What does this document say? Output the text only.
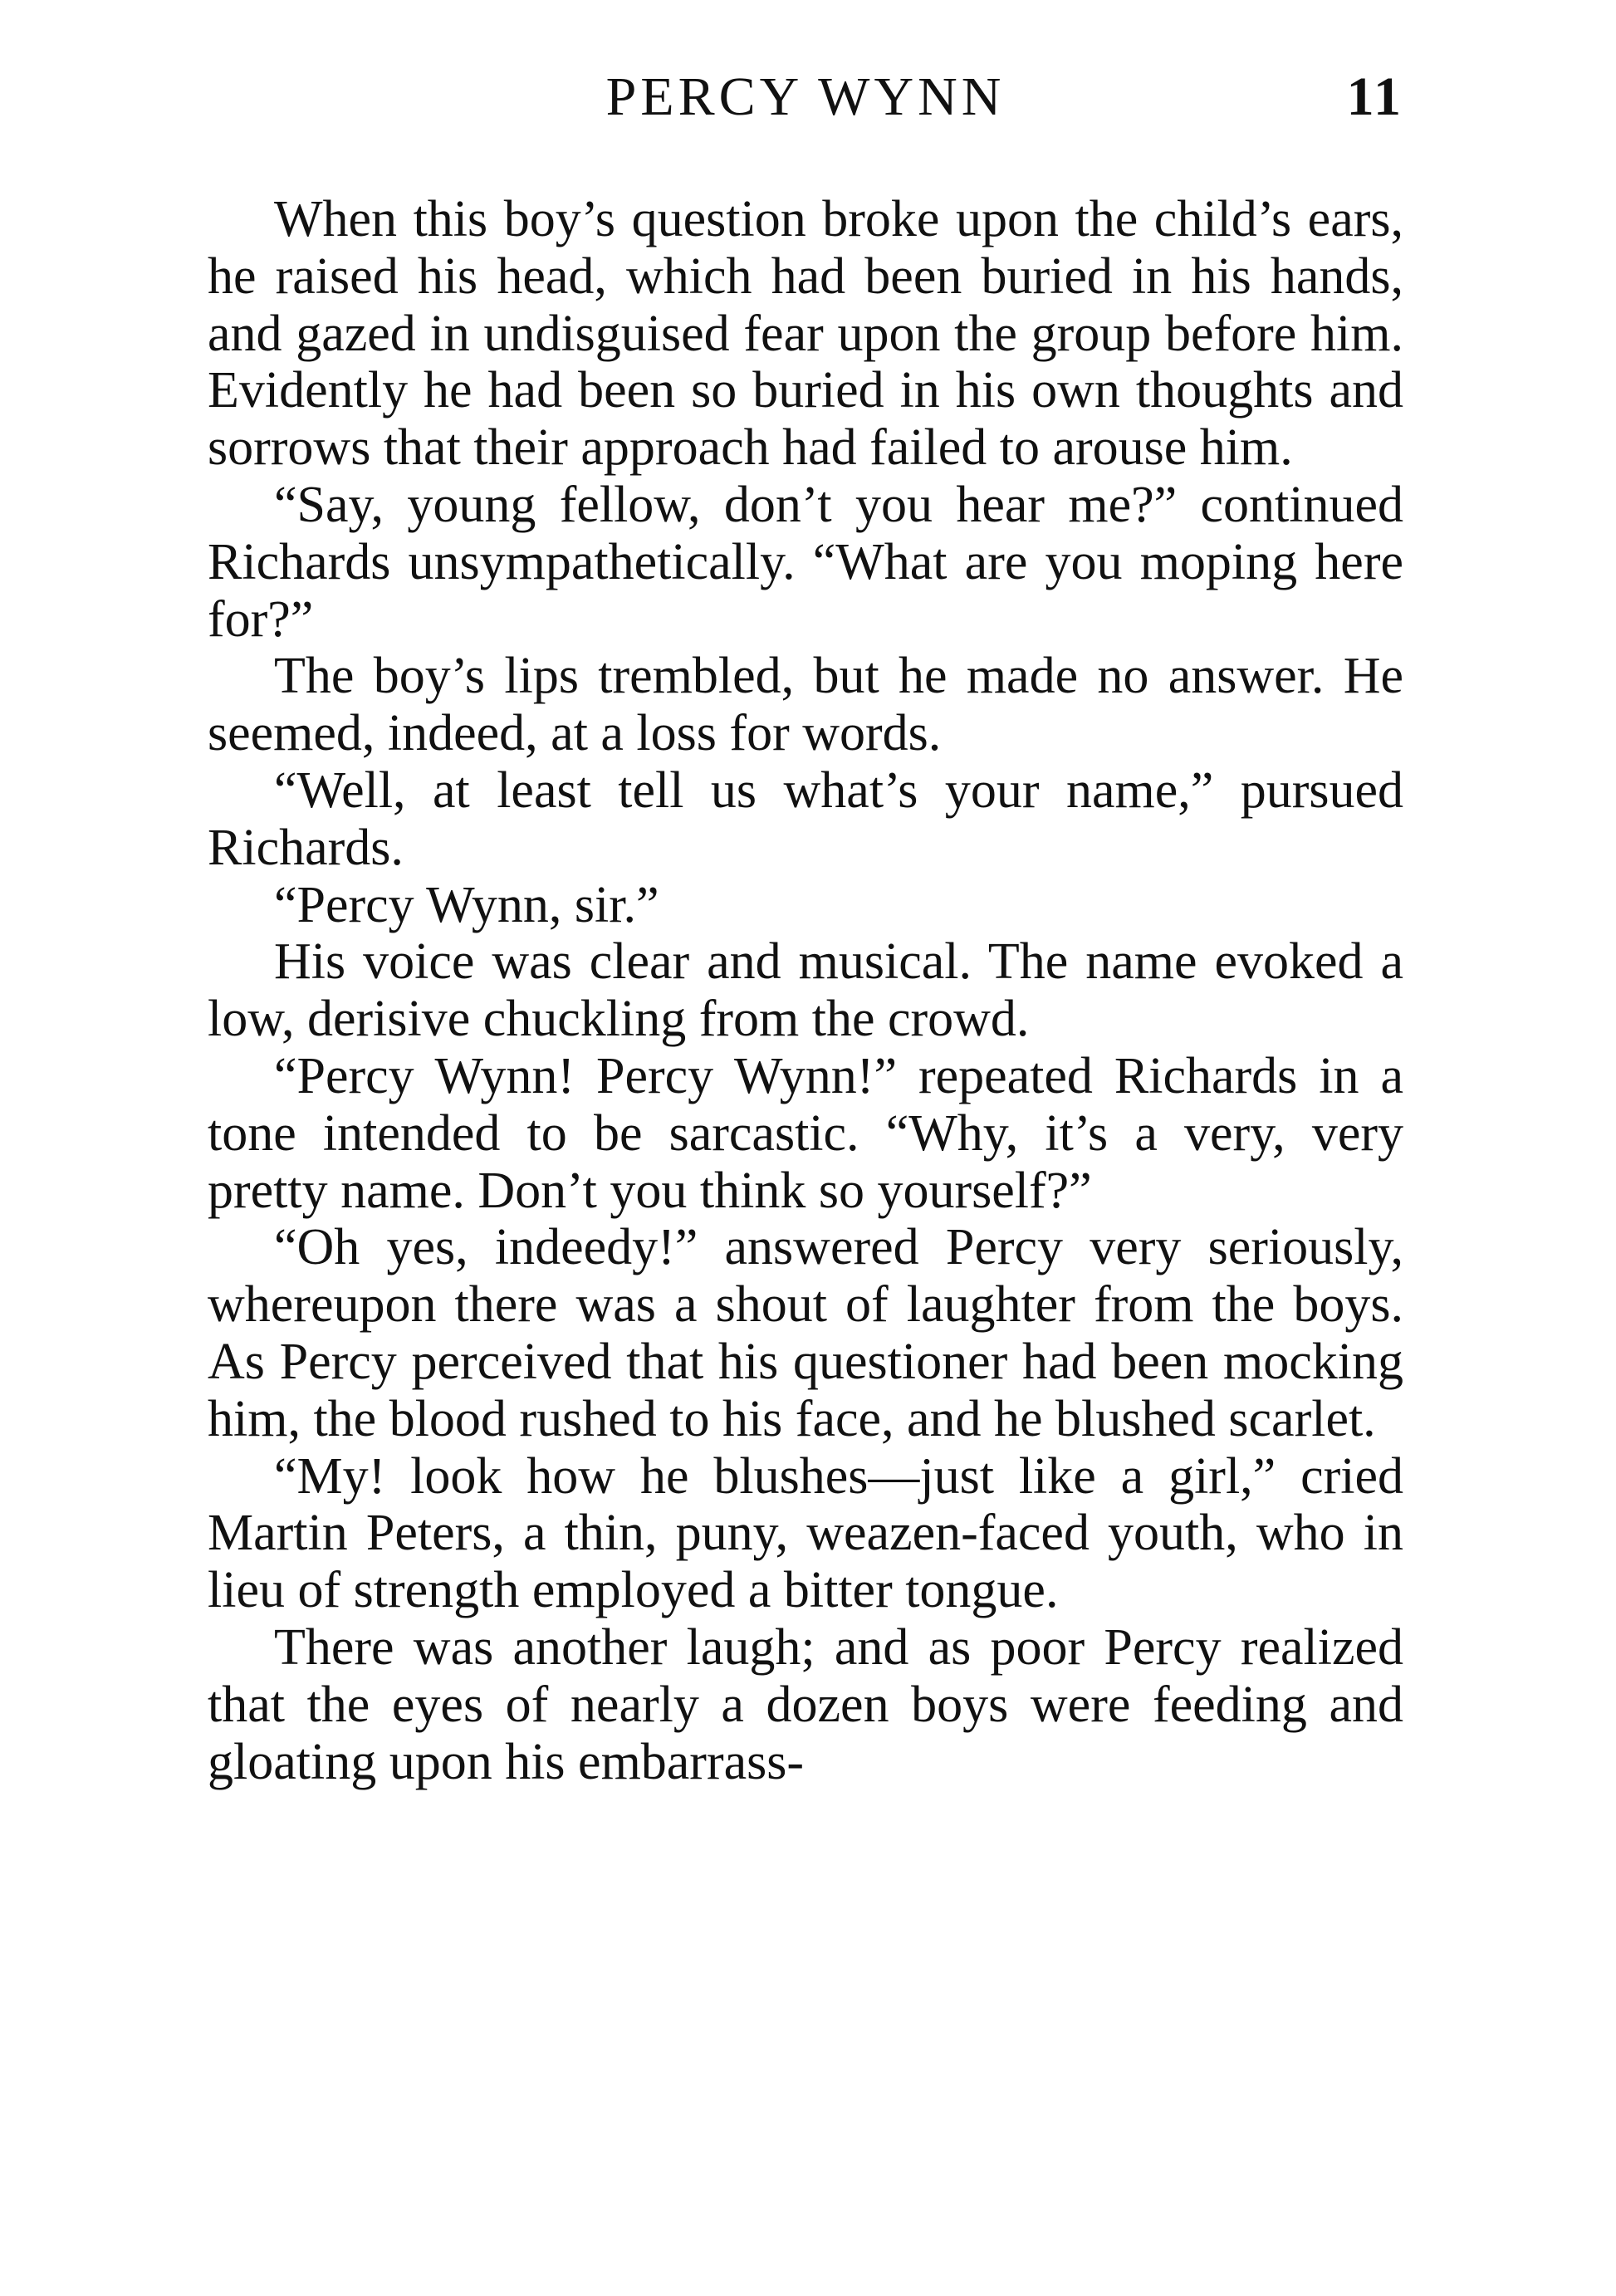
PERCY WYNN	11

When this boy’s question broke upon the child’s ears, he raised his head, which had been buried in his hands, and gazed in undisguised fear upon the group before him. Evidently he had been so buried in his own thoughts and sorrows that their approach had failed to arouse him.

“Say, young fellow, don’t you hear me?” continued Richards unsympathetically. “What are you moping here for?”

The boy’s lips trembled, but he made no answer. He seemed, indeed, at a loss for words.

“Well, at least tell us what’s your name,” pursued Richards.

“Percy Wynn, sir.”

His voice was clear and musical. The name evoked a low, derisive chuckling from the crowd.

“Percy Wynn! Percy Wynn!” repeated Richards in a tone intended to be sarcastic. “Why, it’s a very, very pretty name. Don’t you think so yourself?”

“Oh yes, indeedy!” answered Percy very seriously, whereupon there was a shout of laughter from the boys. As Percy perceived that his questioner had been mocking him, the blood rushed to his face, and he blushed scarlet.

“My! look how he blushes—just like a girl,” cried Martin Peters, a thin, puny, weazen-faced youth, who in lieu of strength employed a bitter tongue.

There was another laugh; and as poor Percy realized that the eyes of nearly a dozen boys were feeding and gloating upon his embarrass-
